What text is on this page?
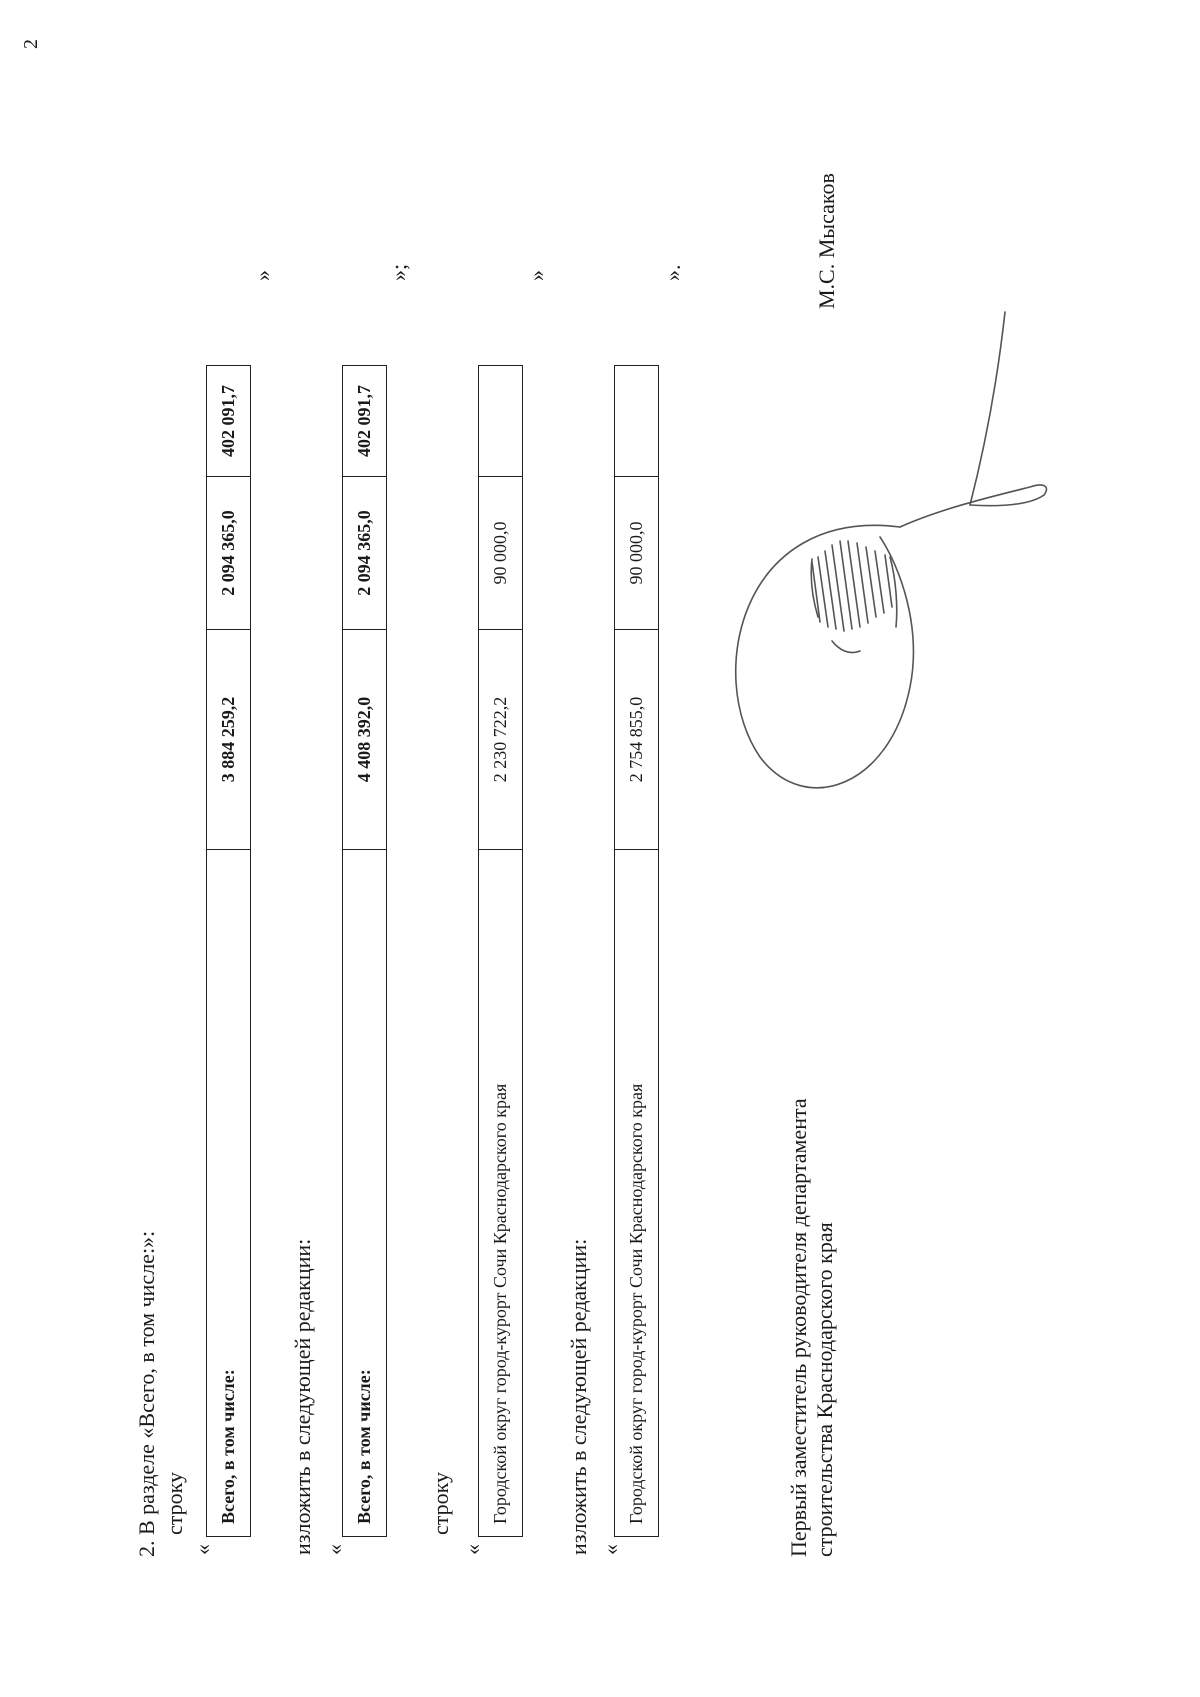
2
2. В разделе «Всего, в том числе:»: строку
«
Всего, в том числе:
3 884 259,2
2 094 365,0
402 091,7
»
изложить в следующей редакции: «
Всего, в том числе:
4 408 392,0
2 094 365,0
402 091,7
»;
строку
«
Городской округ город-курорт Сочи Краснодарского края
2 230 722,2
90 000,0
»
изложить в следующей редакции: «
Городской округ город-курорт Сочи Краснодарского края
2 754 855,0
90 000,0
».
Первый заместитель руководителя департамента строительства Краснодарского края
М.С. Мысаков
